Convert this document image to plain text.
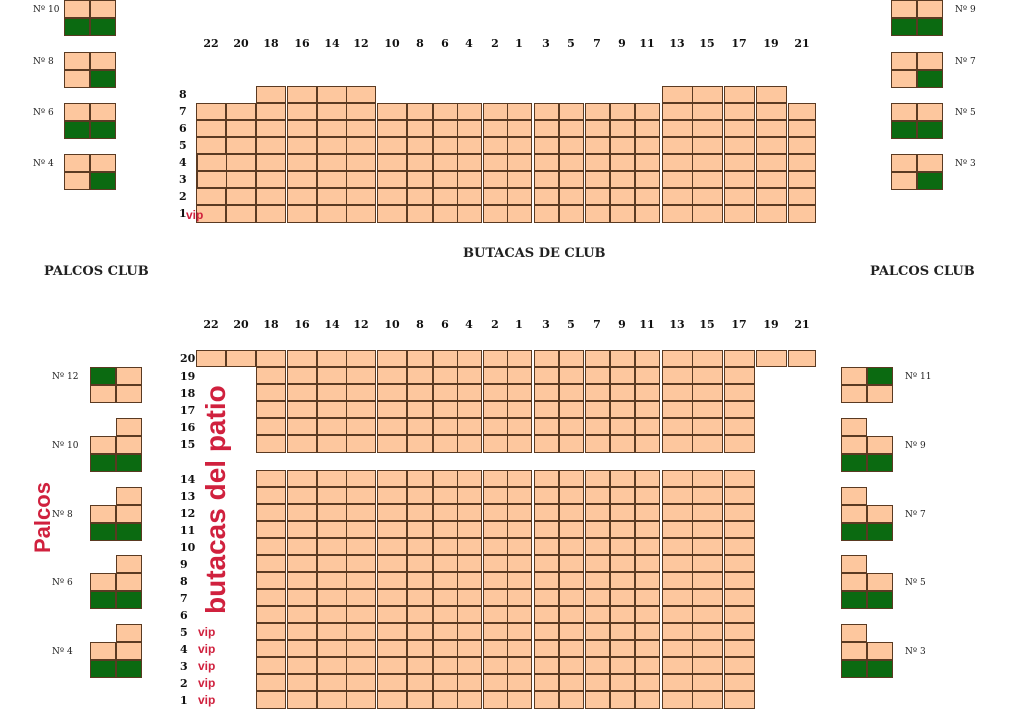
22	20	18	16	14	12	10	8	6	4	2	1	3	5	7	9	11	13	15	17	19	21
22	20	18	16	14	12	10	8	6	4	2	1	3	5	7	9	11	13	15	17	19	21
8
7
6
5
4
3
2
1
20
19
18
17
16
15
14
13
12
11
10
9
8
7
6
5
4
3
2
1
vip
vip
vip
vip
vip
Nº 10
Nº 8
Nº 6
Nº 4
Nº 9
Nº 7
Nº 5
Nº 3
Nº 12
Nº 10
Nº 8
Nº 6
Nº 4
Nº 11
Nº 9
Nº 7
Nº 5
Nº 3
BUTACAS DE CLUB
PALCOS CLUB	PALCOS CLUB
vip
Palcos	butacas del patio
